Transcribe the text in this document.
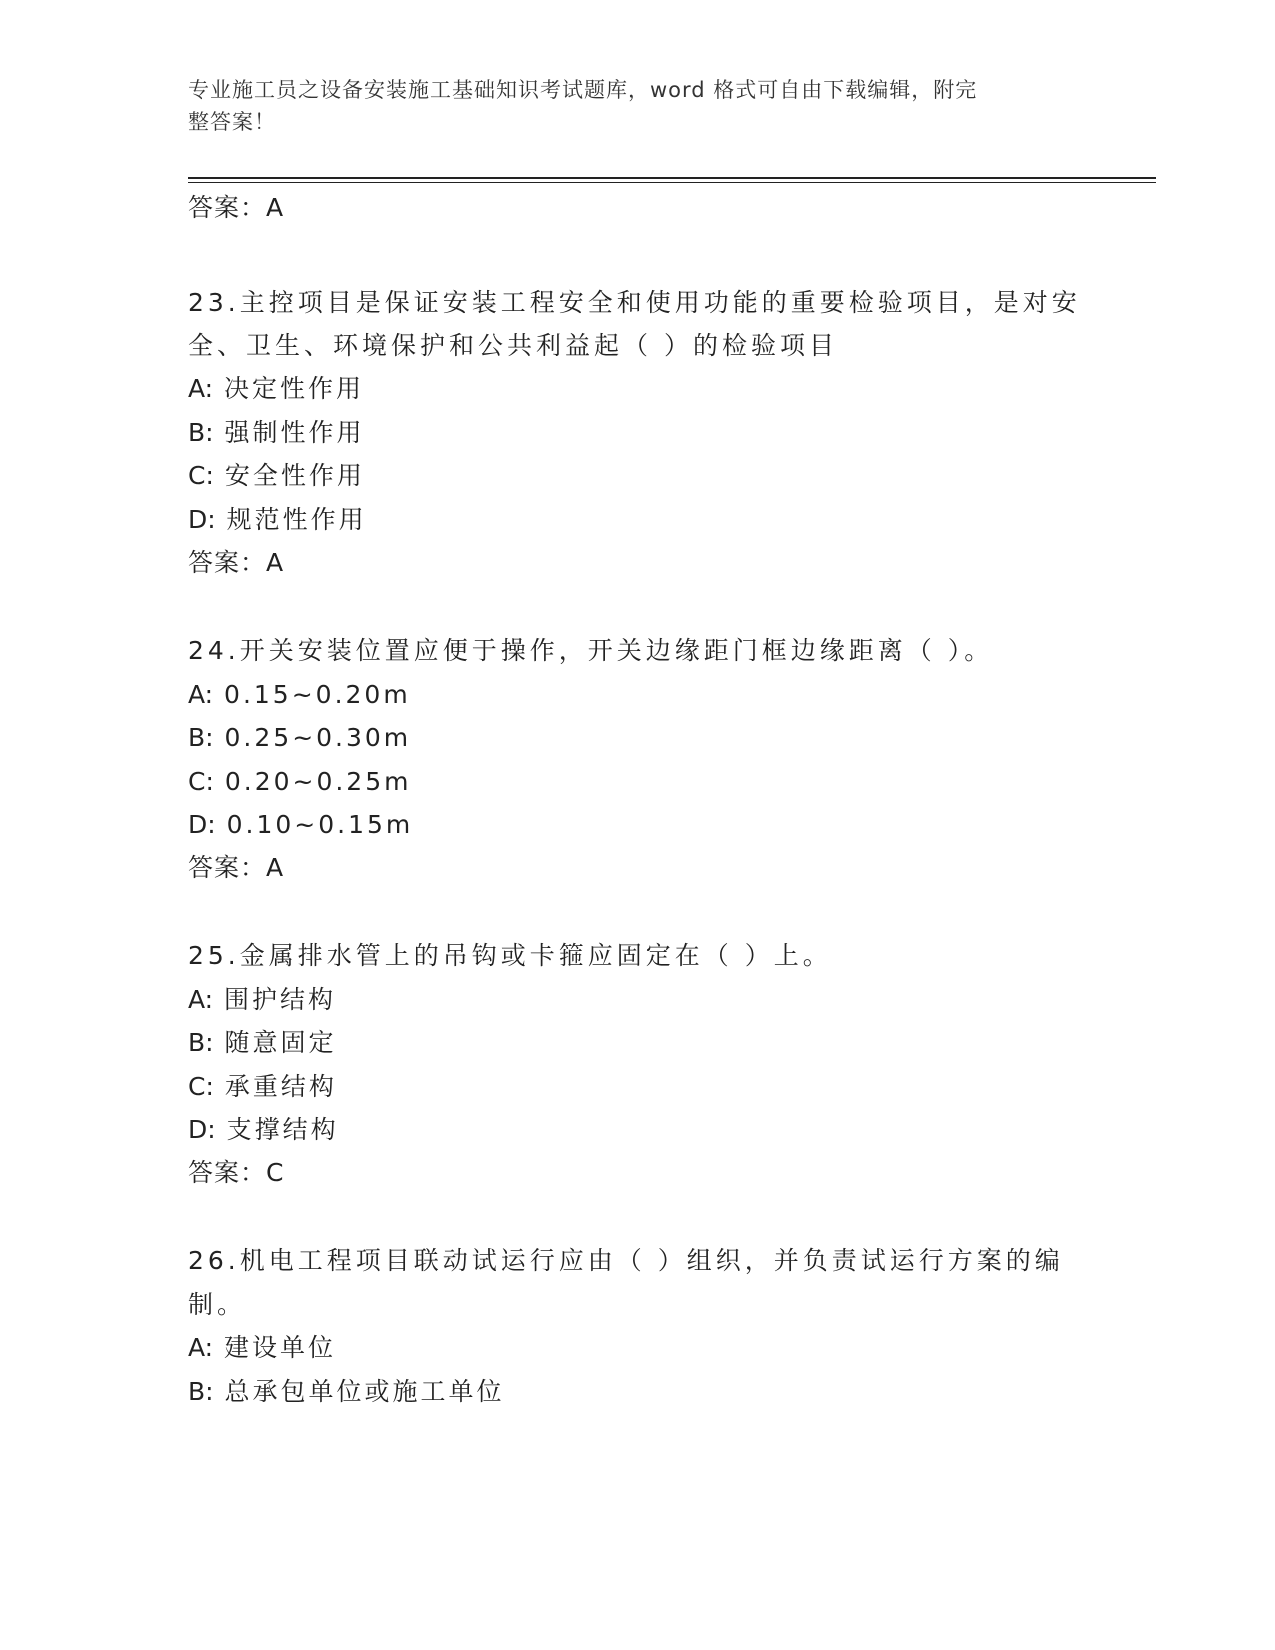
专业施工员之设备安装施工基础知识考试题库，word 格式可自由下载编辑，附完
整答案！
答案：A
23.主控项目是保证安装工程安全和使用功能的重要检验项目，是对安
全、卫生、环境保护和公共利益起（ ）的检验项目
A: 决定性作用
B: 强制性作用
C: 安全性作用
D: 规范性作用
答案：A
24.开关安装位置应便于操作，开关边缘距门框边缘距离（ ）。
A: 0.15~0.20m
B: 0.25~0.30m
C: 0.20~0.25m
D: 0.10~0.15m
答案：A
25.金属排水管上的吊钩或卡箍应固定在（ ）上。
A: 围护结构
B: 随意固定
C: 承重结构
D: 支撑结构
答案：C
26.机电工程项目联动试运行应由（ ）组织，并负责试运行方案的编
制。
A: 建设单位
B: 总承包单位或施工单位
